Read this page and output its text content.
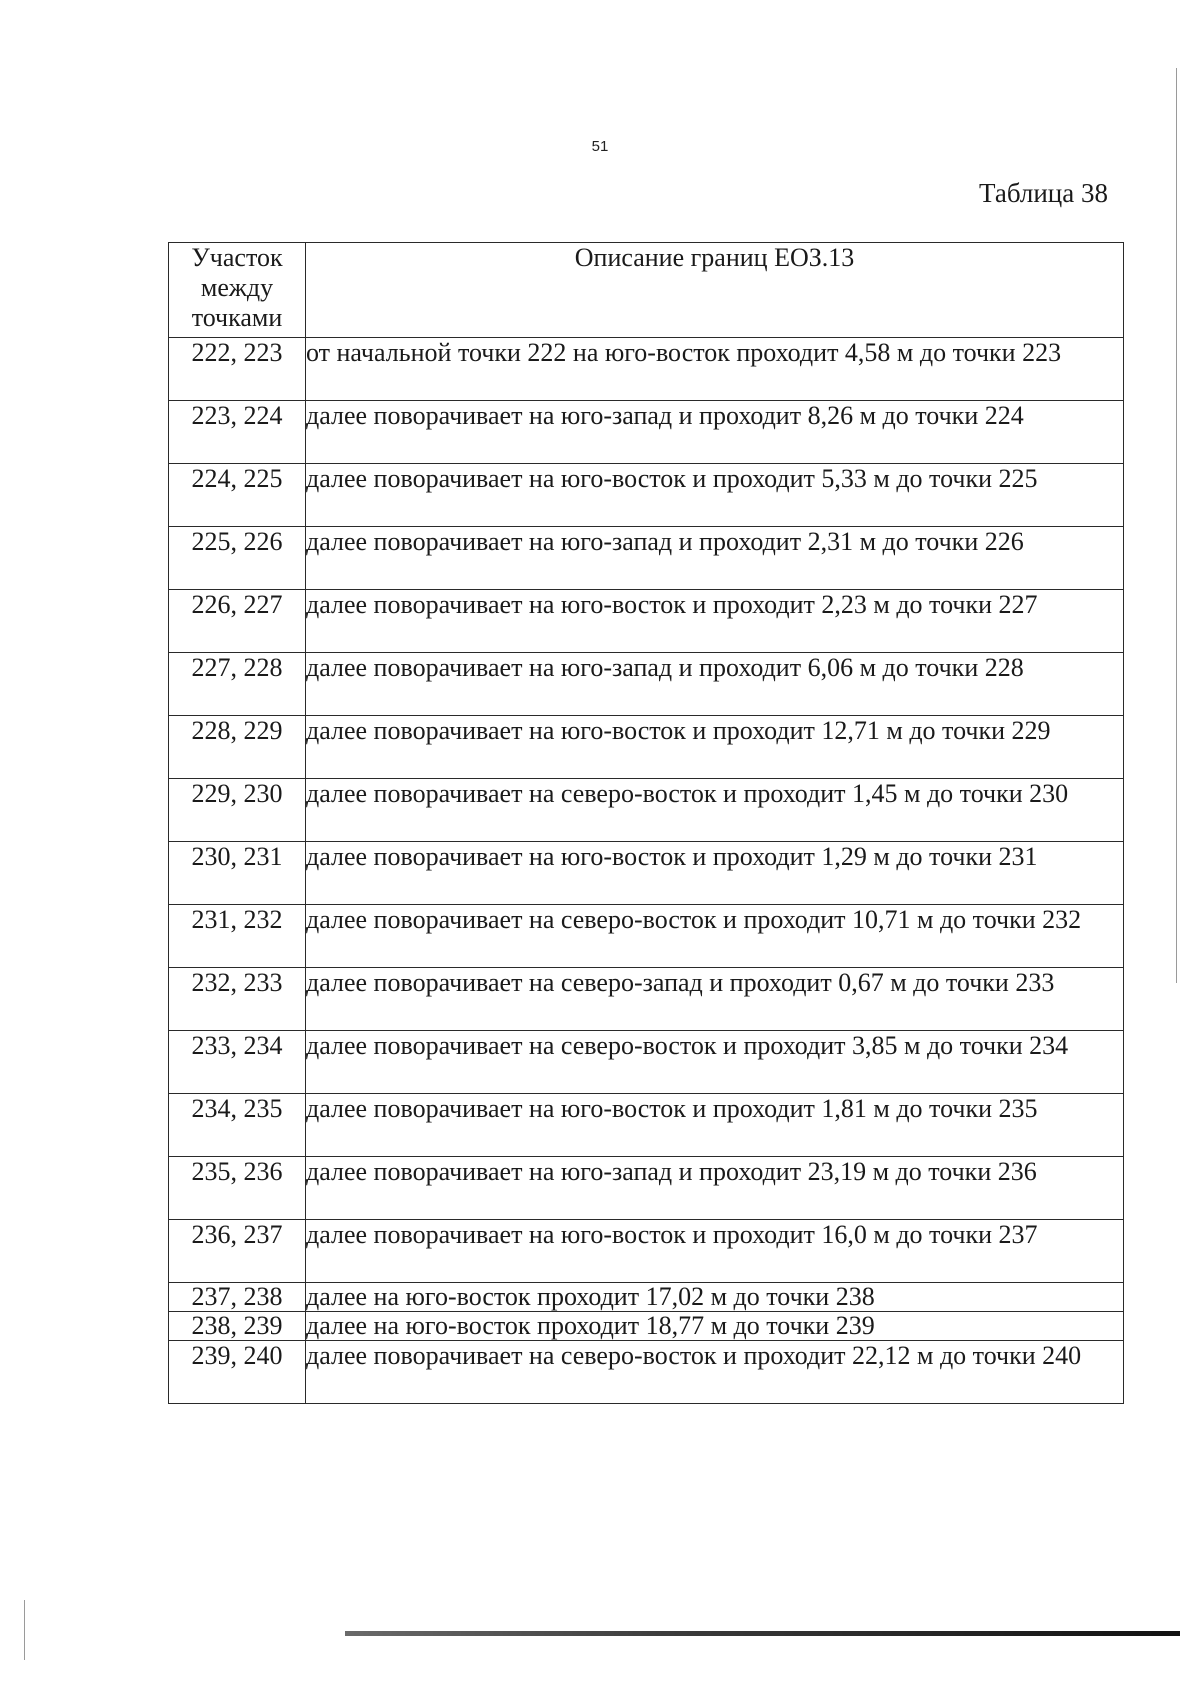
51
Таблица 38
Участок между точками	Описание границ ЕОЗ.13
222, 223	от начальной точки 222 на юго-восток проходит 4,58 м до точки 223
223, 224	далее поворачивает на юго-запад и проходит 8,26 м до точки 224
224, 225	далее поворачивает на юго-восток и проходит 5,33 м до точки 225
225, 226	далее поворачивает на юго-запад и проходит 2,31 м до точки 226
226, 227	далее поворачивает на юго-восток и проходит 2,23 м до точки 227
227, 228	далее поворачивает на юго-запад и проходит 6,06 м до точки 228
228, 229	далее поворачивает на юго-восток и проходит 12,71 м до точки 229
229, 230	далее поворачивает на северо-восток и проходит 1,45 м до точки 230
230, 231	далее поворачивает на юго-восток и проходит 1,29 м до точки 231
231, 232	далее поворачивает на северо-восток и проходит 10,71 м до точки 232
232, 233	далее поворачивает на северо-запад и проходит 0,67 м до точки 233
233, 234	далее поворачивает на северо-восток и проходит 3,85 м до точки 234
234, 235	далее поворачивает на юго-восток и проходит 1,81 м до точки 235
235, 236	далее поворачивает на юго-запад и проходит 23,19 м до точки 236
236, 237	далее поворачивает на юго-восток и проходит 16,0 м до точки 237
237, 238	далее на юго-восток проходит 17,02 м до точки 238
238, 239	далее на юго-восток проходит 18,77 м до точки 239
239, 240	далее поворачивает на северо-восток и проходит 22,12 м до точки 240
